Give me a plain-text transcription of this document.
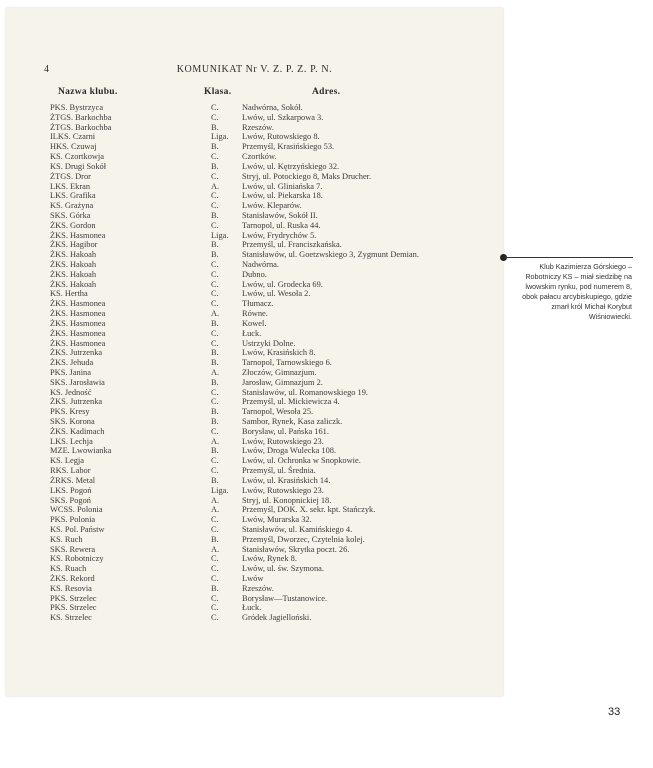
4	KOMUNIKAT Nr V. Z. P. Z. P. N.
Nazwa klubu.	Klasa.	Adres.
PKS. Bystrzyca	C.	Nadwórna, Sokół.
ŻTGS. Barkochba	C.	Lwów, ul. Szkarpowa 3.
ŻTGS. Barkochba	B.	Rzeszów.
ILKS. Czarni	Liga. Lwów, Rutowskiego 8.
HKS. Czuwaj	B.	Przemyśl, Krasińskiego 53.
KS. Czortkowja	C.	Czortków.
KS. Drugi Sokół	B.	Lwów, ul. Kętrzyńskiego 32.
ŻTGS. Dror	C.	Stryj, ul. Potockiego 8, Maks Drucher.
LKS. Ekran	A.	Lwów, ul. Gliniańska 7.
LKS. Grafika	C.	Lwów, ul. Piekarska 18.
KS. Grażyna	C.	Lwów. Kleparów.
SKS. Górka	B.	Stanisławów, Sokół II.
ŻKS. Gordon	C.	Tarnopol, ul. Ruska 44.
ŻKS. Hasmonea	Liga. Lwów, Frydrychów 5.
ŻKS. Hagibor	B.	Przemyśl, ul. Franciszkańska.
ŻKS. Hakoah	B.	Stanisławów, ul. Goetzwskiego 3, Zygmunt Demian.
ŻKS. Hakoah	C.	Nadwórna.
ŻKS. Hakoah	C.	Dubno.
ŻKS. Hakoah	C.	Lwów, ul. Grodecka 69.
KS. Hertha	C.	Lwów, ul. Wesoła 2.
ŻKS. Hasmonea	C.	Tłumacz.
ŻKS. Hasmonea	A.	Równe.
ŻKS. Hasmonea	B.	Kowel.
ŻKS. Hasmonea	C.	Łuck.
ŻKS. Hasmonea	C.	Ustrzyki Dolne.
ŻKS. Jutrzenka	B.	Lwów, Krasińskich 8.
ŻKS. Jehuda	B.	Tarnopol, Tarnowskiego 6.
PKS. Janina	A.	Złoczów, Gimnazjum.
SKS. Jarosławia	B.	Jarosław, Gimnazjum 2.
KS. Jedność	C.	Stanisławów, ul. Romanowskiego 19.
ŻKS. Jutrzenka	C.	Przemyśl, ul. Mickiewicza 4.
PKS. Kresy	B.	Tarnopol, Wesoła 25.
SKS. Korona	B.	Sambor, Rynek, Kasa zaliczk.
ŻKS. Kadimach	C.	Borysław, ul. Pańska 161.
LKS. Lechja	A.	Lwów, Rutowskiego 23.
MZE. Lwowianka	B.	Lwów, Droga Wulecka 108.
KS. Legja	C.	Lwów, ul. Ochronka w Snopkowie.
RKS. Labor	C.	Przemyśl, ul. Średnia.
ŻRKS. Metal	B.	Lwów, ul. Krasińskich 14.
LKS. Pogoń	Liga. Lwów, Rutowskiego 23.
SKS. Pogoń	A.	Stryj, ul. Konopnickiej 18.
WCSS. Polonia	A.	Przemyśl, DOK. X. sekr. kpt. Stańczyk.
PKS. Polonia	C.	Lwów, Murarska 32.
KS. Pol. Państw	C.	Stanisławów, ul. Kamińskiego 4.
KS. Ruch	B.	Przemyśl, Dworzec, Czytelnia kolej.
SKS. Rewera	A.	Stanisławów, Skrytka poczt. 26.
KS. Robotniczy	C.	Lwów, Rynek 8.
KS. Ruach	C.	Lwów, ul. św. Szymona.
ŻKS. Rekord	C.	Lwów
KS. Resovia	B.	Rzeszów.
PKS. Strzelec	C.	Borysław—Tustanowice.
PKS. Strzelec	C.	Łuck.
KS. Strzelec	C.	Gródek Jagielloński.
Klub Kazimierza Górskiego – Robotniczy KS – miał siedzibę na lwowskim rynku, pod numerem 8, obok pałacu arcybiskupiego, gdzie zmarł król Michał Korybut Wiśniowiecki.
33
